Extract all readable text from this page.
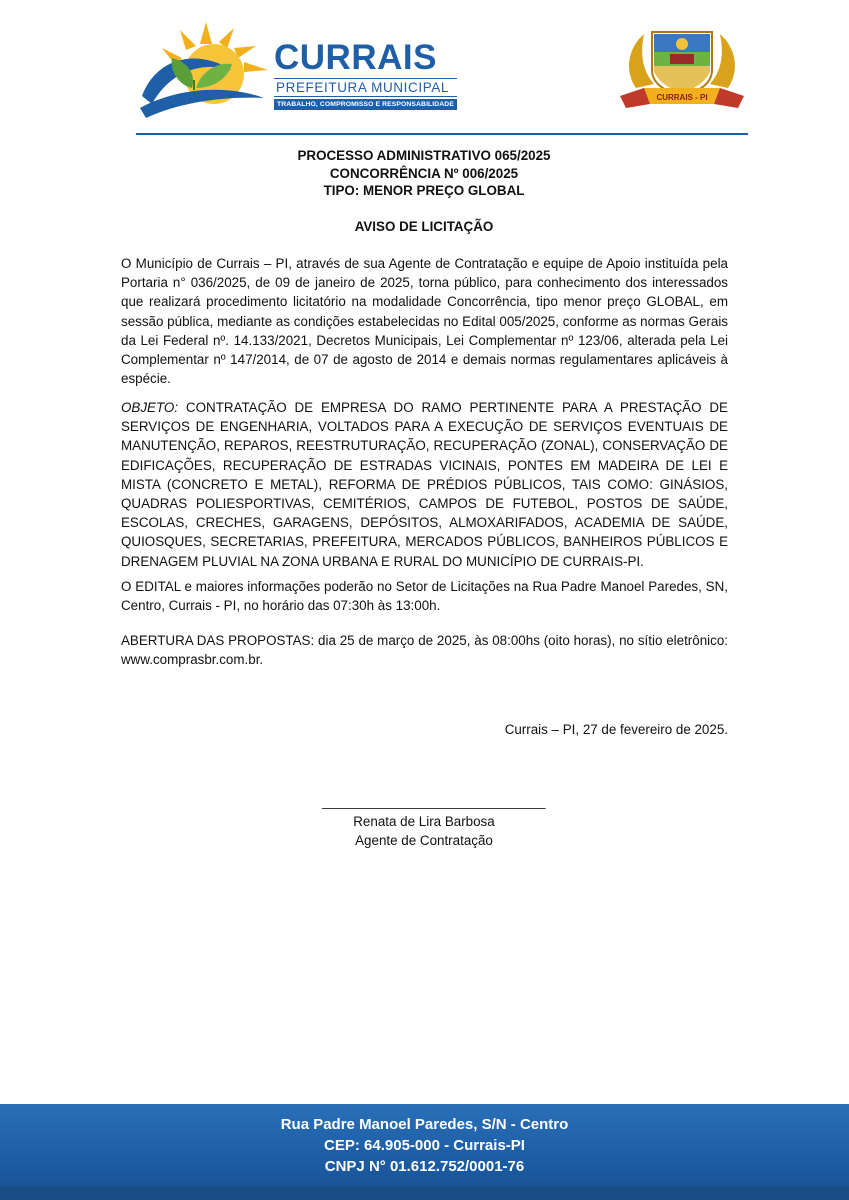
CURRAIS
PREFEITURA MUNICIPAL
TRABALHO, COMPROMISSO E RESPONSABILIDADE
CURRAIS - PI
PROCESSO ADMINISTRATIVO 065/2025
CONCORRÊNCIA Nº 006/2025
TIPO: MENOR PREÇO GLOBAL
AVISO DE LICITAÇÃO
O Município de Currais – PI, através de sua Agente de Contratação e equipe de Apoio instituída pela Portaria n° 036/2025, de 09 de janeiro de 2025, torna público, para conhecimento dos interessados que realizará procedimento licitatório na modalidade Concorrência, tipo menor preço GLOBAL, em sessão pública, mediante as condições estabelecidas no Edital 005/2025, conforme as normas Gerais da Lei Federal nº. 14.133/2021, Decretos Municipais, Lei Complementar nº 123/06, alterada pela Lei Complementar nº 147/2014, de 07 de agosto de 2014 e demais normas regulamentares aplicáveis à espécie.
OBJETO: CONTRATAÇÃO DE EMPRESA DO RAMO PERTINENTE PARA A PRESTAÇÃO DE SERVIÇOS DE ENGENHARIA, VOLTADOS PARA A EXECUÇÃO DE SERVIÇOS EVENTUAIS DE MANUTENÇÃO, REPAROS, REESTRUTURAÇÃO, RECUPERAÇÃO (ZONAL), CONSERVAÇÃO DE EDIFICAÇÕES, RECUPERAÇÃO DE ESTRADAS VICINAIS, PONTES EM MADEIRA DE LEI E MISTA (CONCRETO E METAL), REFORMA DE PRÉDIOS PÚBLICOS, TAIS COMO: GINÁSIOS, QUADRAS POLIESPORTIVAS, CEMITÉRIOS, CAMPOS DE FUTEBOL, POSTOS DE SAÚDE, ESCOLAS, CRECHES, GARAGENS, DEPÓSITOS, ALMOXARIFADOS, ACADEMIA DE SAÚDE, QUIOSQUES, SECRETARIAS, PREFEITURA, MERCADOS PÚBLICOS, BANHEIROS PÚBLICOS E DRENAGEM PLUVIAL NA ZONA URBANA E RURAL DO MUNICÍPIO DE CURRAIS-PI.
O EDITAL e maiores informações poderão no Setor de Licitações na Rua Padre Manoel Paredes, SN, Centro, Currais - PI, no horário das 07:30h às 13:00h.
ABERTURA DAS PROPOSTAS: dia 25 de março de 2025, às 08:00hs (oito horas), no sítio eletrônico: www.comprasbr.com.br.
Currais – PI, 27 de fevereiro de 2025.
______________________________
Renata de Lira Barbosa
Agente de Contratação
Rua Padre Manoel Paredes, S/N - Centro
CEP: 64.905-000 - Currais-PI
CNPJ N° 01.612.752/0001-76
